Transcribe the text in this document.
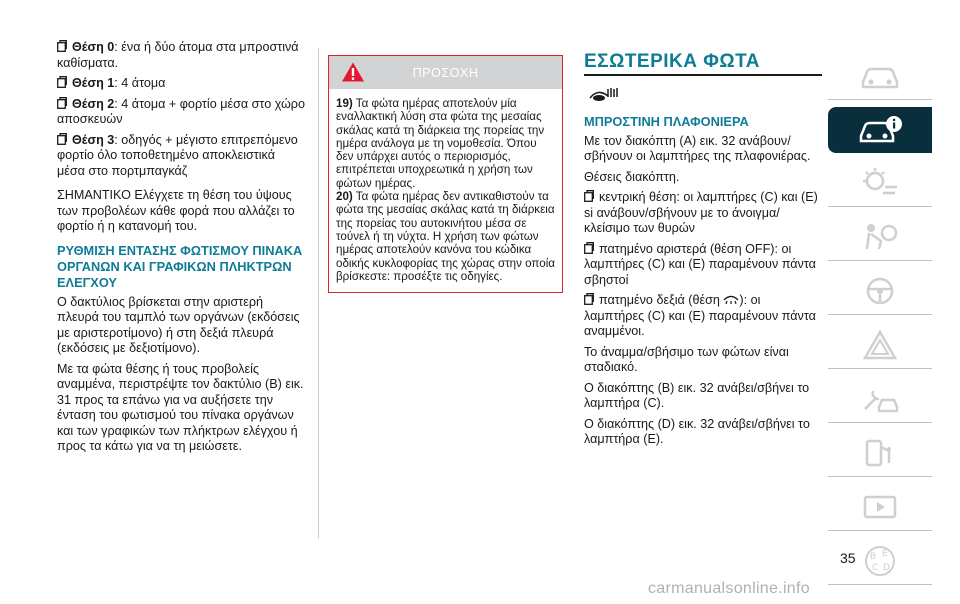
Θέση 0: ένα ή δύο άτομα στα μπροστινά καθίσματα.

Θέση 1: 4 άτομα

Θέση 2: 4 άτομα + φορτίο μέσα στο χώρο αποσκευών

Θέση 3: οδηγός + μέγιστο επιτρεπόμενο φορτίο όλο τοποθετημένο αποκλειστικά μέσα στο πορτμπαγκάζ

ΣΗΜΑΝΤΙΚΟ Ελέγχετε τη θέση του ύψους των προβολέων κάθε φορά που αλλάζει το φορτίο ή η κατανομή του.

ΡΥΘΜΙΣΗ ΕΝΤΑΣΗΣ ΦΩΤΙΣΜΟΥ ΠΙΝΑΚΑ ΟΡΓΑΝΩΝ ΚΑΙ ΓΡΑΦΙΚΩΝ ΠΛΗΚΤΡΩΝ ΕΛΕΓΧΟΥ

Ο δακτύλιος βρίσκεται στην αριστερή πλευρά του ταμπλό των οργάνων (εκδόσεις με αριστεροτίμονο) ή στη δεξιά πλευρά (εκδόσεις με δεξιοτίμονο).

Με τα φώτα θέσης ή τους προβολείς αναμμένα, περιστρέψτε τον δακτύλιο (B) εικ. 31 προς τα επάνω για να αυξήσετε την ένταση του φωτισμού του πίνακα οργάνων και των γραφικών των πλήκτρων ελέγχου ή προς τα κάτω για να τη μειώσετε.

ΠΡΟΣΟΧΗ

19) Τα φώτα ημέρας αποτελούν μία εναλλακτική λύση στα φώτα της μεσαίας σκάλας κατά τη διάρκεια της πορείας την ημέρα ανάλογα με τη νομοθεσία. Όπου δεν υπάρχει αυτός ο περιορισμός, επιτρέπεται υποχρεωτικά η χρήση των φώτων ημέρας.

20) Τα φώτα ημέρας δεν αντικαθιστούν τα φώτα της μεσαίας σκάλας κατά τη διάρκεια της πορείας του αυτοκινήτου μέσα σε τούνελ ή τη νύχτα. Η χρήση των φώτων ημέρας αποτελούν κανόνα του κώδικα οδικής κυκλοφορίας της χώρας στην οποία βρίσκεστε: προσέξτε τις οδηγίες.

ΕΣΩΤΕΡΙΚΑ ΦΩΤΑ
ΜΠΡΟΣΤΙΝΗ ΠΛΑΦΟΝΙΕΡΑ

Με τον διακόπτη (A) εικ. 32 ανάβουν/σβήνουν οι λαμπτήρες της πλαφονιέρας.

Θέσεις διακόπτη.

κεντρική θέση: οι λαμπτήρες (C) και (E) si ανάβουν/σβήνουν με το άνοιγμα/κλείσιμο των θυρών

πατημένο αριστερά (θέση OFF): οι λαμπτήρες (C) και (E) παραμένουν πάντα σβηστοί

πατημένο δεξιά (θέση ): οι λαμπτήρες (C) και (E) παραμένουν πάντα αναμμένοι.

Το άναμμα/σβήσιμο των φώτων είναι σταδιακό.

Ο διακόπτης (B) εικ. 32 ανάβει/σβήνει το λαμπτήρα (C).

Ο διακόπτης (D) εικ. 32 ανάβει/σβήνει το λαμπτήρα (E).

B E
C D
35
carmanualsonline.info
